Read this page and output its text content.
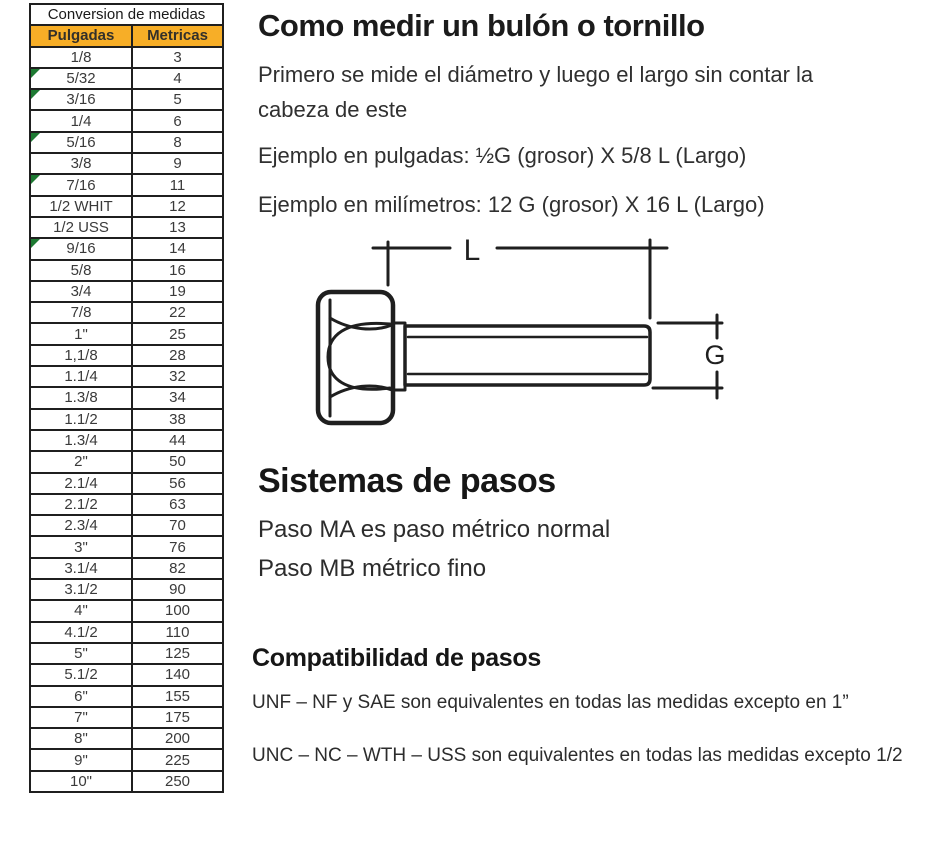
Conversion de medidas	
Pulgadas	Metricas
1/8	3

5/32	4

3/16	5
1/4	6

5/16	8
3/8	9

7/16	11
1/2 WHIT	12
1/2 USS	13

9/16	14
5/8	16
3/4	19
7/8	22
1"	25
1,1/8	28
1.1/4	32
1.3/8	34
1.1/2	38
1.3/4	44
2"	50
2.1/4	56
2.1/2	63
2.3/4	70
3"	76
3.1/4	82
3.1/2	90
4"	100
4.1/2	110
5"	125
5.1/2	140
6"	155
7"	175
8"	200
9"	225
10"	250
Como medir un bulón o tornillo
Primero se mide el diámetro y luego el largo sin contar la
cabeza de este
Ejemplo en pulgadas: ½G (grosor) X 5/8 L (Largo)
Ejemplo en milímetros: 12 G (grosor) X 16 L (Largo)
L
G
Sistemas de pasos
Paso MA es paso métrico normal
Paso MB métrico fino
Compatibilidad de pasos
UNF – NF y SAE son equivalentes en todas las medidas excepto en 1”
UNC – NC – WTH – USS son equivalentes en todas las medidas excepto 1/2
